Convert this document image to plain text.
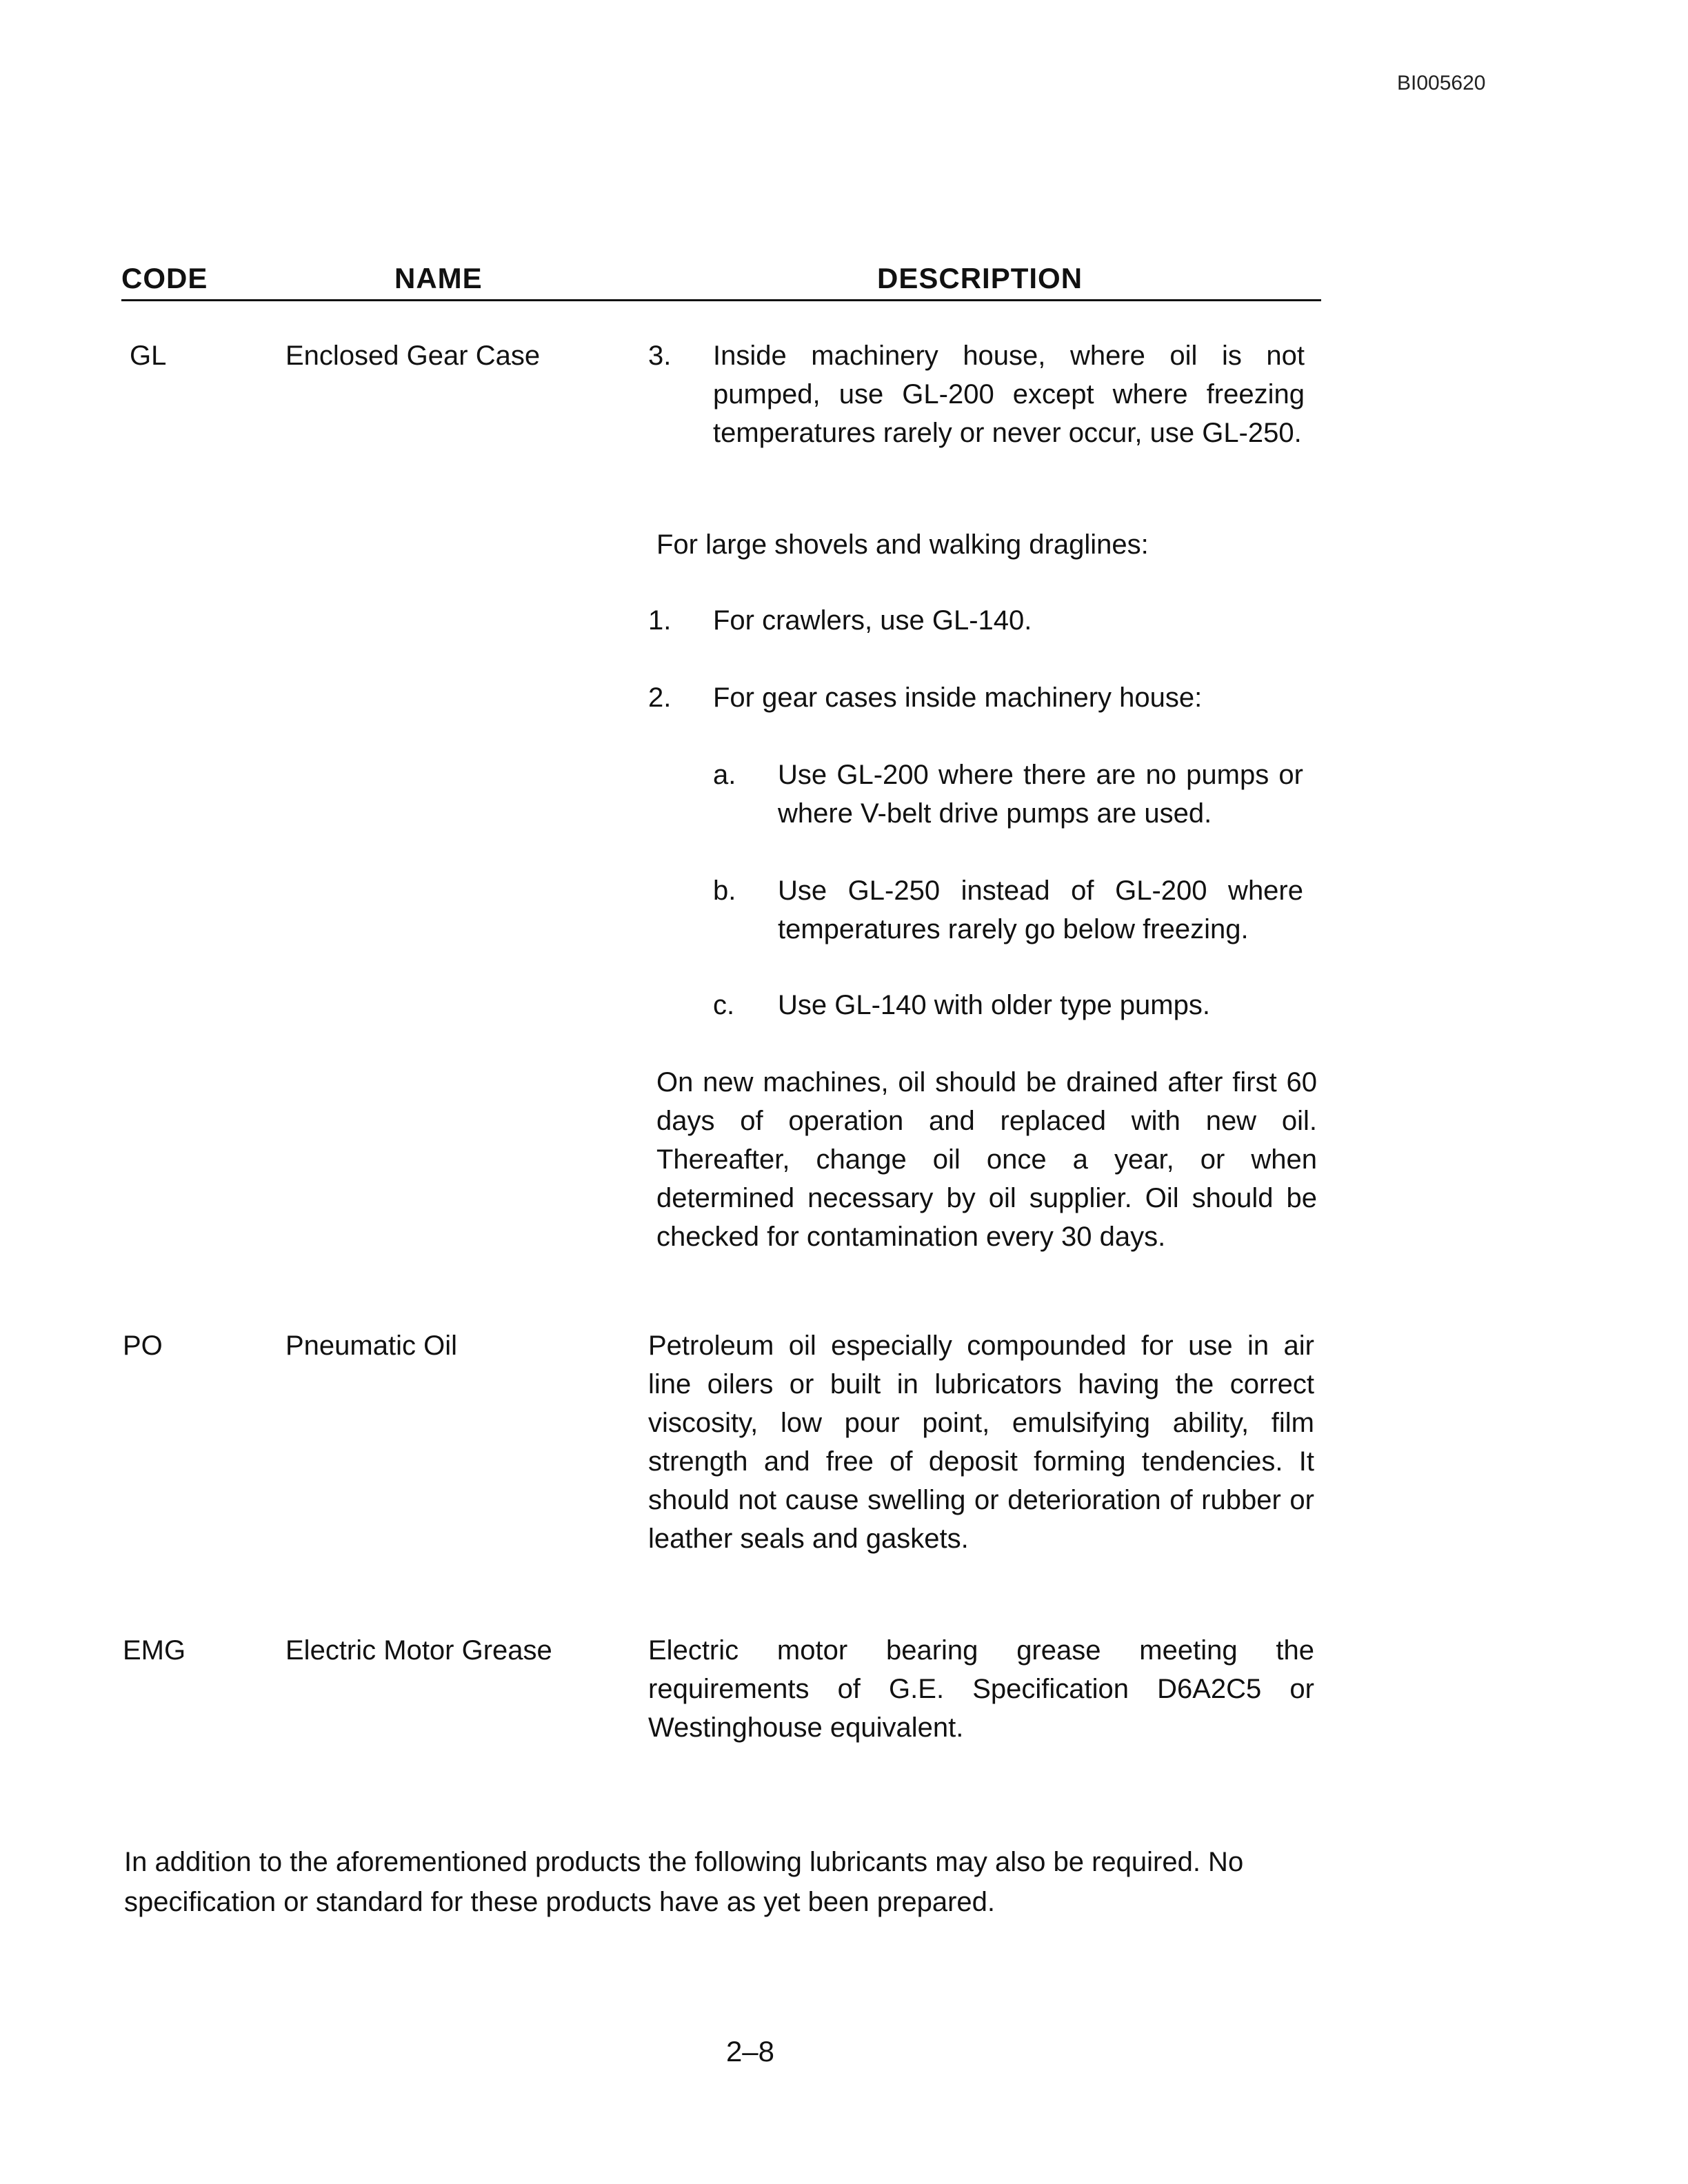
BI005620
CODE	NAME	DESCRIPTION
GL	Enclosed Gear Case	3. Inside machinery house, where oil is not pumped, use GL-200 except where freezing temperatures rarely or never occur, use GL-250.
For large shovels and walking draglines:
1. For crawlers, use GL-140.
2. For gear cases inside machinery house:
a. Use GL-200 where there are no pumps or where V-belt drive pumps are used.
b. Use GL-250 instead of GL-200 where temperatures rarely go below freezing.
c. Use GL-140 with older type pumps.
On new machines, oil should be drained after first 60 days of operation and replaced with new oil. Thereafter, change oil once a year, or when determined necessary by oil supplier. Oil should be checked for contamination every 30 days.
PO	Pneumatic Oil	Petroleum oil especially compounded for use in air line oilers or built in lubricators having the correct viscosity, low pour point, emulsifying ability, film strength and free of deposit forming tendencies. It should not cause swelling or deterioration of rubber or leather seals and gaskets.
EMG	Electric Motor Grease	Electric motor bearing grease meeting the requirements of G.E. Specification D6A2C5 or Westinghouse equivalent.
In addition to the aforementioned products the following lubricants may also be required. No specification or standard for these products have as yet been prepared.
2–8
